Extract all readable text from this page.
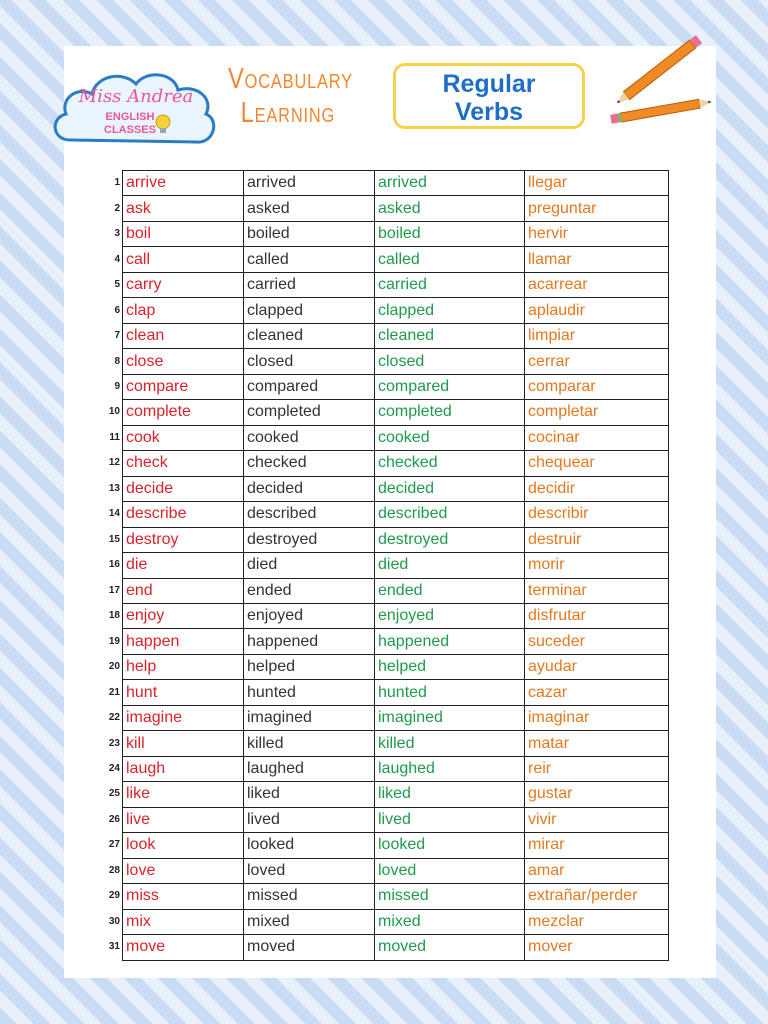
Miss Andrea
ENGLISH
CLASSES
Vocabulary
Learning
Regular
Verbs
1	arrive	arrived	arrived	llegar
2	ask	asked	asked	preguntar
3	boil	boiled	boiled	hervir
4	call	called	called	llamar
5	carry	carried	carried	acarrear
6	clap	clapped	clapped	aplaudir
7	clean	cleaned	cleaned	limpiar
8	close	closed	closed	cerrar
9	compare	compared	compared	comparar
10	complete	completed	completed	completar
11	cook	cooked	cooked	cocinar
12	check	checked	checked	chequear
13	decide	decided	decided	decidir
14	describe	described	described	describir
15	destroy	destroyed	destroyed	destruir
16	die	died	died	morir
17	end	ended	ended	terminar
18	enjoy	enjoyed	enjoyed	disfrutar
19	happen	happened	happened	suceder
20	help	helped	helped	ayudar
21	hunt	hunted	hunted	cazar
22	imagine	imagined	imagined	imaginar
23	kill	killed	killed	matar
24	laugh	laughed	laughed	reir
25	like	liked	liked	gustar
26	live	lived	lived	vivir
27	look	looked	looked	mirar
28	love	loved	loved	amar
29	miss	missed	missed	extrañar/perder
30	mix	mixed	mixed	mezclar
31	move	moved	moved	mover
